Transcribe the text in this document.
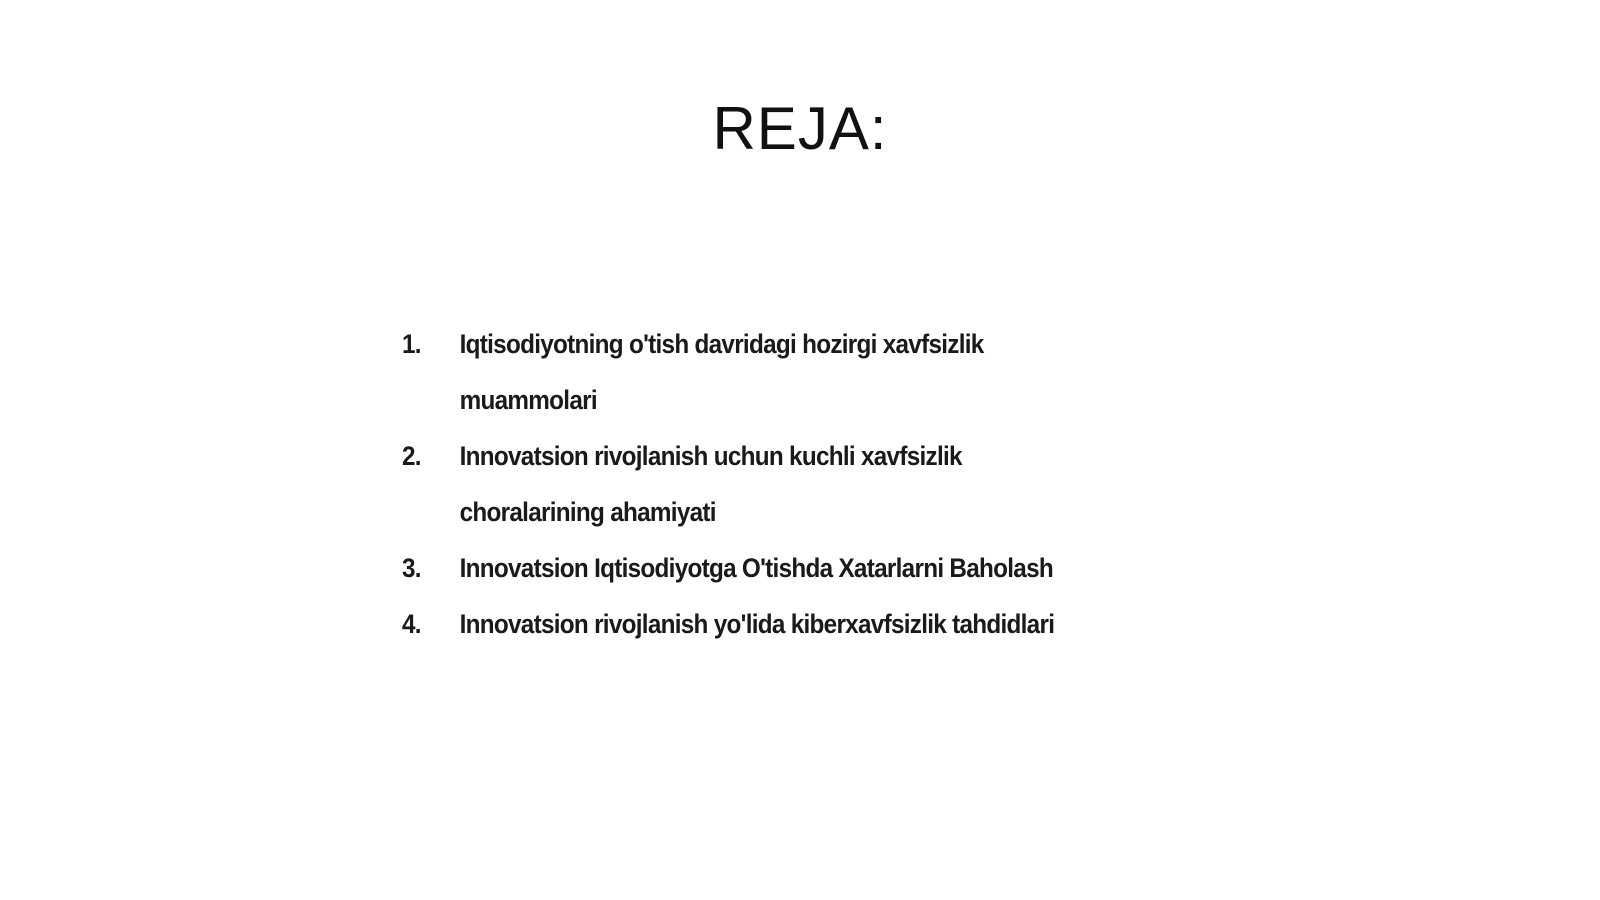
REJA:
1.	Iqtisodiyotning o'tish davridagi hozirgi xavfsizlik
muammolari
2.	Innovatsion rivojlanish uchun kuchli xavfsizlik
choralarining ahamiyati
3.	Innovatsion Iqtisodiyotga O'tishda Xatarlarni Baholash
4.	Innovatsion rivojlanish yo'lida kiberxavfsizlik tahdidlari
